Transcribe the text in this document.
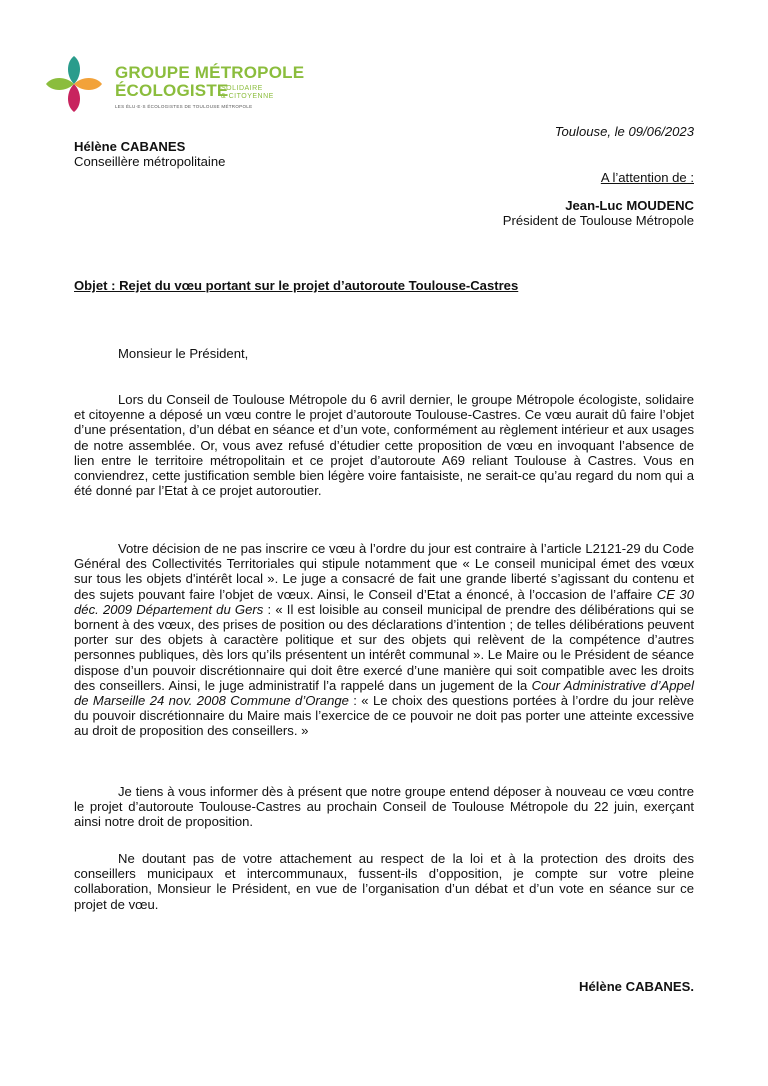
GROUPE MÉTROPOLE
ÉCOLOGISTE
SOLIDAIRE
& CITOYENNE
LES ÉLU·E·S ÉCOLOGISTES DE TOULOUSE MÉTROPOLE
Toulouse, le 09/06/2023
Hélène CABANES
Conseillère métropolitaine
A l’attention de :
Jean-Luc MOUDENC
Président de Toulouse Métropole
Objet : Rejet du vœu portant sur le projet d’autoroute Toulouse-Castres
Monsieur le Président,
Lors du Conseil de Toulouse Métropole du 6 avril dernier, le groupe Métropole écologiste, solidaire et citoyenne a déposé un vœu contre le projet d’autoroute Toulouse-Castres. Ce vœu aurait dû faire l’objet d’une présentation, d’un débat en séance et d’un vote, conformément au règlement intérieur et aux usages de notre assemblée. Or, vous avez refusé d’étudier cette proposition de vœu en invoquant l’absence de lien entre le territoire métropolitain et ce projet d’autoroute A69 reliant Toulouse à Castres. Vous en conviendrez, cette justification semble bien légère voire fantaisiste, ne serait-ce qu’au regard du nom qui a été donné par l’Etat à ce projet autoroutier.
Votre décision de ne pas inscrire ce vœu à l’ordre du jour est contraire à l’article L2121-29 du Code Général des Collectivités Territoriales qui stipule notamment que « Le conseil municipal émet des vœux sur tous les objets d'intérêt local ». Le juge a consacré de fait une grande liberté s’agissant du contenu et des sujets pouvant faire l’objet de vœux. Ainsi, le Conseil d’Etat a énoncé, à l’occasion de l’affaire CE 30 déc. 2009 Département du Gers : « Il est loisible au conseil municipal de prendre des délibérations qui se bornent à des vœux, des prises de position ou des déclarations d’intention ; de telles délibérations peuvent porter sur des objets à caractère politique et sur des objets qui relèvent de la compétence d’autres personnes publiques, dès lors qu’ils présentent un intérêt communal ». Le Maire ou le Président de séance dispose d’un pouvoir discrétionnaire qui doit être exercé d’une manière qui soit compatible avec les droits des conseillers. Ainsi, le juge administratif l’a rappelé dans un jugement de la Cour Administrative d’Appel de Marseille 24 nov. 2008 Commune d’Orange : « Le choix des questions portées à l’ordre du jour relève du pouvoir discrétionnaire du Maire mais l’exercice de ce pouvoir ne doit pas porter une atteinte excessive au droit de proposition des conseillers. »
Je tiens à vous informer dès à présent que notre groupe entend déposer à nouveau ce vœu contre le projet d’autoroute Toulouse-Castres au prochain Conseil de Toulouse Métropole du 22 juin, exerçant ainsi notre droit de proposition.
Ne doutant pas de votre attachement au respect de la loi et à la protection des droits des conseillers municipaux et intercommunaux, fussent-ils d’opposition, je compte sur votre pleine collaboration, Monsieur le Président, en vue de l’organisation d’un débat et d’un vote en séance sur ce projet de vœu.
Hélène CABANES.
